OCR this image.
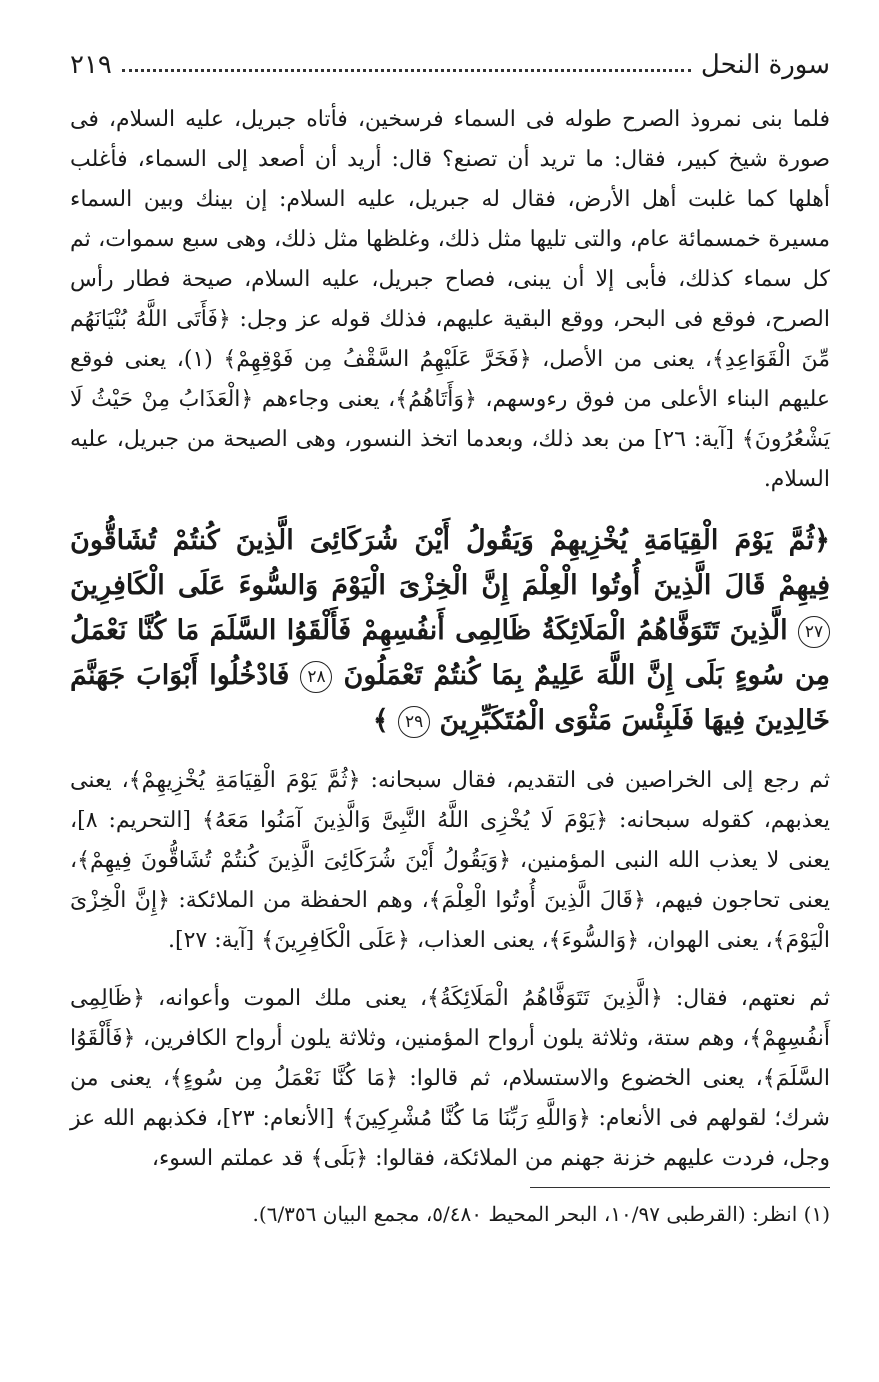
سورة النحل
٢١٩

فلما بنى نمروذ الصرح طوله فى السماء فرسخين، فأتاه جبريل، عليه السلام، فى صورة شيخ كبير، فقال: ما تريد أن تصنع؟ قال: أريد أن أصعد إلى السماء، فأغلب أهلها كما غلبت أهل الأرض، فقال له جبريل، عليه السلام: إن بينك وبين السماء مسيرة خمسمائة عام، والتى تليها مثل ذلك، وغلظها مثل ذلك، وهى سبع سموات، ثم كل سماء كذلك، فأبى إلا أن يبنى، فصاح جبريل، عليه السلام، صيحة فطار رأس الصرح، فوقع فى البحر، ووقع البقية عليهم، فذلك قوله عز وجل: ﴿فَأَتَى اللَّهُ بُنْيَانَهُم مِّنَ الْقَوَاعِدِ﴾، يعنى من الأصل، ﴿فَخَرَّ عَلَيْهِمُ السَّقْفُ مِن فَوْقِهِمْ﴾ (١)، يعنى فوقع عليهم البناء الأعلى من فوق رءوسهم، ﴿وَأَتَاهُمُ﴾، يعنى وجاءهم ﴿الْعَذَابُ مِنْ حَيْثُ لَا يَشْعُرُونَ﴾ [آية: ٢٦] من بعد ذلك، وبعدما اتخذ النسور، وهى الصيحة من جبريل، عليه السلام.

﴿ثُمَّ يَوْمَ الْقِيَامَةِ يُخْزِيهِمْ وَيَقُولُ أَيْنَ شُرَكَائِىَ الَّذِينَ كُنتُمْ تُشَاقُّونَ فِيهِمْ قَالَ الَّذِينَ أُوتُوا الْعِلْمَ إِنَّ الْخِزْىَ الْيَوْمَ وَالسُّوءَ عَلَى الْكَافِرِينَ ٢٧ الَّذِينَ تَتَوَفَّاهُمُ الْمَلَائِكَةُ ظَالِمِى أَنفُسِهِمْ فَأَلْقَوُا السَّلَمَ مَا كُنَّا نَعْمَلُ مِن سُوءٍ بَلَى إِنَّ اللَّهَ عَلِيمٌ بِمَا كُنتُمْ تَعْمَلُونَ ٢٨ فَادْخُلُوا أَبْوَابَ جَهَنَّمَ خَالِدِينَ فِيهَا فَلَبِئْسَ مَثْوَى الْمُتَكَبِّرِينَ ٢٩ ﴾

ثم رجع إلى الخراصين فى التقديم، فقال سبحانه: ﴿ثُمَّ يَوْمَ الْقِيَامَةِ يُخْزِيهِمْ﴾، يعنى يعذبهم، كقوله سبحانه: ﴿يَوْمَ لَا يُخْزِى اللَّهُ النَّبِىَّ وَالَّذِينَ آمَنُوا مَعَهُ﴾ [التحريم: ٨]، يعنى لا يعذب الله النبى المؤمنين، ﴿وَيَقُولُ أَيْنَ شُرَكَائِىَ الَّذِينَ كُنتُمْ تُشَاقُّونَ فِيهِمْ﴾، يعنى تحاجون فيهم، ﴿قَالَ الَّذِينَ أُوتُوا الْعِلْمَ﴾، وهم الحفظة من الملائكة: ﴿إِنَّ الْخِزْىَ الْيَوْمَ﴾، يعنى الهوان، ﴿وَالسُّوءَ﴾، يعنى العذاب، ﴿عَلَى الْكَافِرِينَ﴾ [آية: ٢٧].

ثم نعتهم، فقال: ﴿الَّذِينَ تَتَوَفَّاهُمُ الْمَلَائِكَةُ﴾، يعنى ملك الموت وأعوانه، ﴿ظَالِمِى أَنفُسِهِمْ﴾، وهم ستة، وثلاثة يلون أرواح المؤمنين، وثلاثة يلون أرواح الكافرين، ﴿فَأَلْقَوُا السَّلَمَ﴾، يعنى الخضوع والاستسلام، ثم قالوا: ﴿مَا كُنَّا نَعْمَلُ مِن سُوءٍ﴾، يعنى من شرك؛ لقولهم فى الأنعام: ﴿وَاللَّهِ رَبِّنَا مَا كُنَّا مُشْرِكِينَ﴾ [الأنعام: ٢٣]، فكذبهم الله عز وجل، فردت عليهم خزنة جهنم من الملائكة، فقالوا: ﴿بَلَى﴾ قد عملتم السوء،

(١) انظر: (القرطبى ١٠/٩٧، البحر المحيط ٥/٤٨٠، مجمع البيان ٦/٣٥٦).
